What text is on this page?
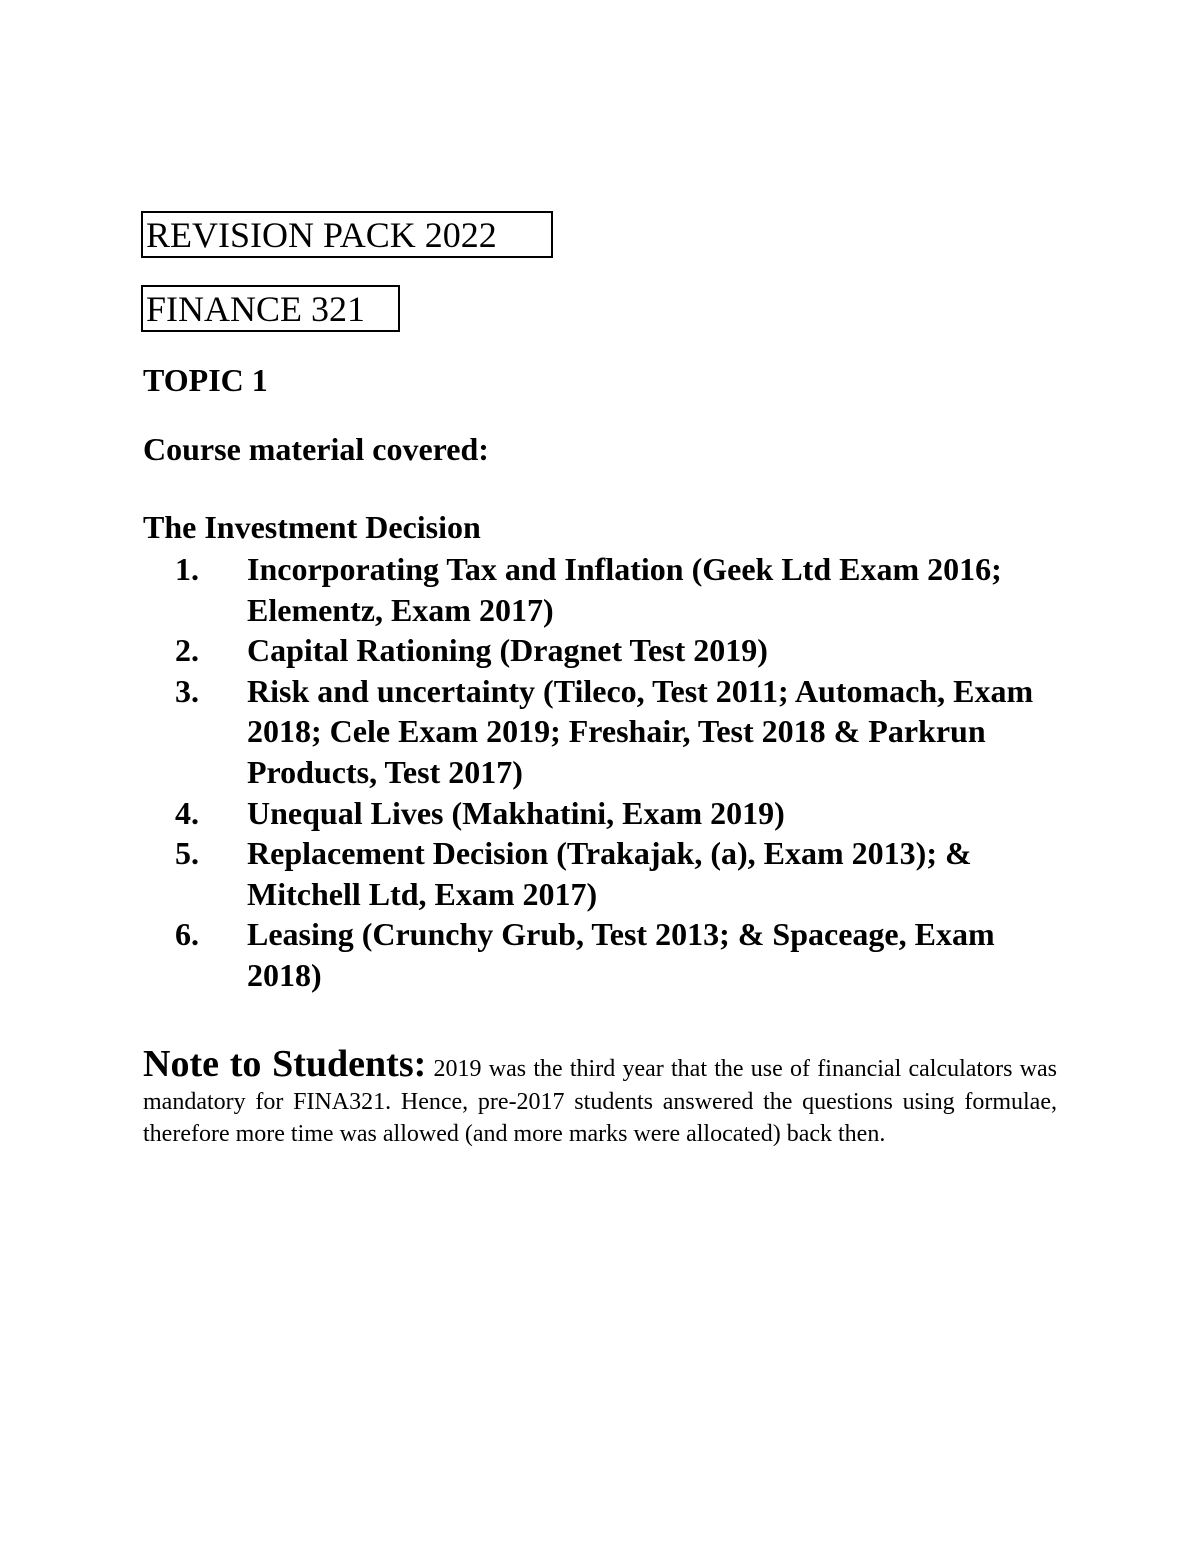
REVISION PACK 2022
FINANCE 321
TOPIC 1
Course material covered:
The Investment Decision
1. Incorporating Tax and Inflation (Geek Ltd Exam 2016; Elementz, Exam 2017)
2. Capital Rationing (Dragnet Test 2019)
3. Risk and uncertainty (Tileco, Test 2011; Automach, Exam 2018; Cele Exam 2019; Freshair, Test 2018 & Parkrun Products, Test 2017)
4. Unequal Lives (Makhatini, Exam 2019)
5. Replacement Decision (Trakajak, (a), Exam 2013); & Mitchell Ltd, Exam 2017)
6. Leasing (Crunchy Grub, Test 2013; & Spaceage, Exam 2018)

Note to Students: 2019 was the third year that the use of financial calculators was mandatory for FINA321. Hence, pre-2017 students answered the questions using formulae, therefore more time was allowed (and more marks were allocated) back then.
